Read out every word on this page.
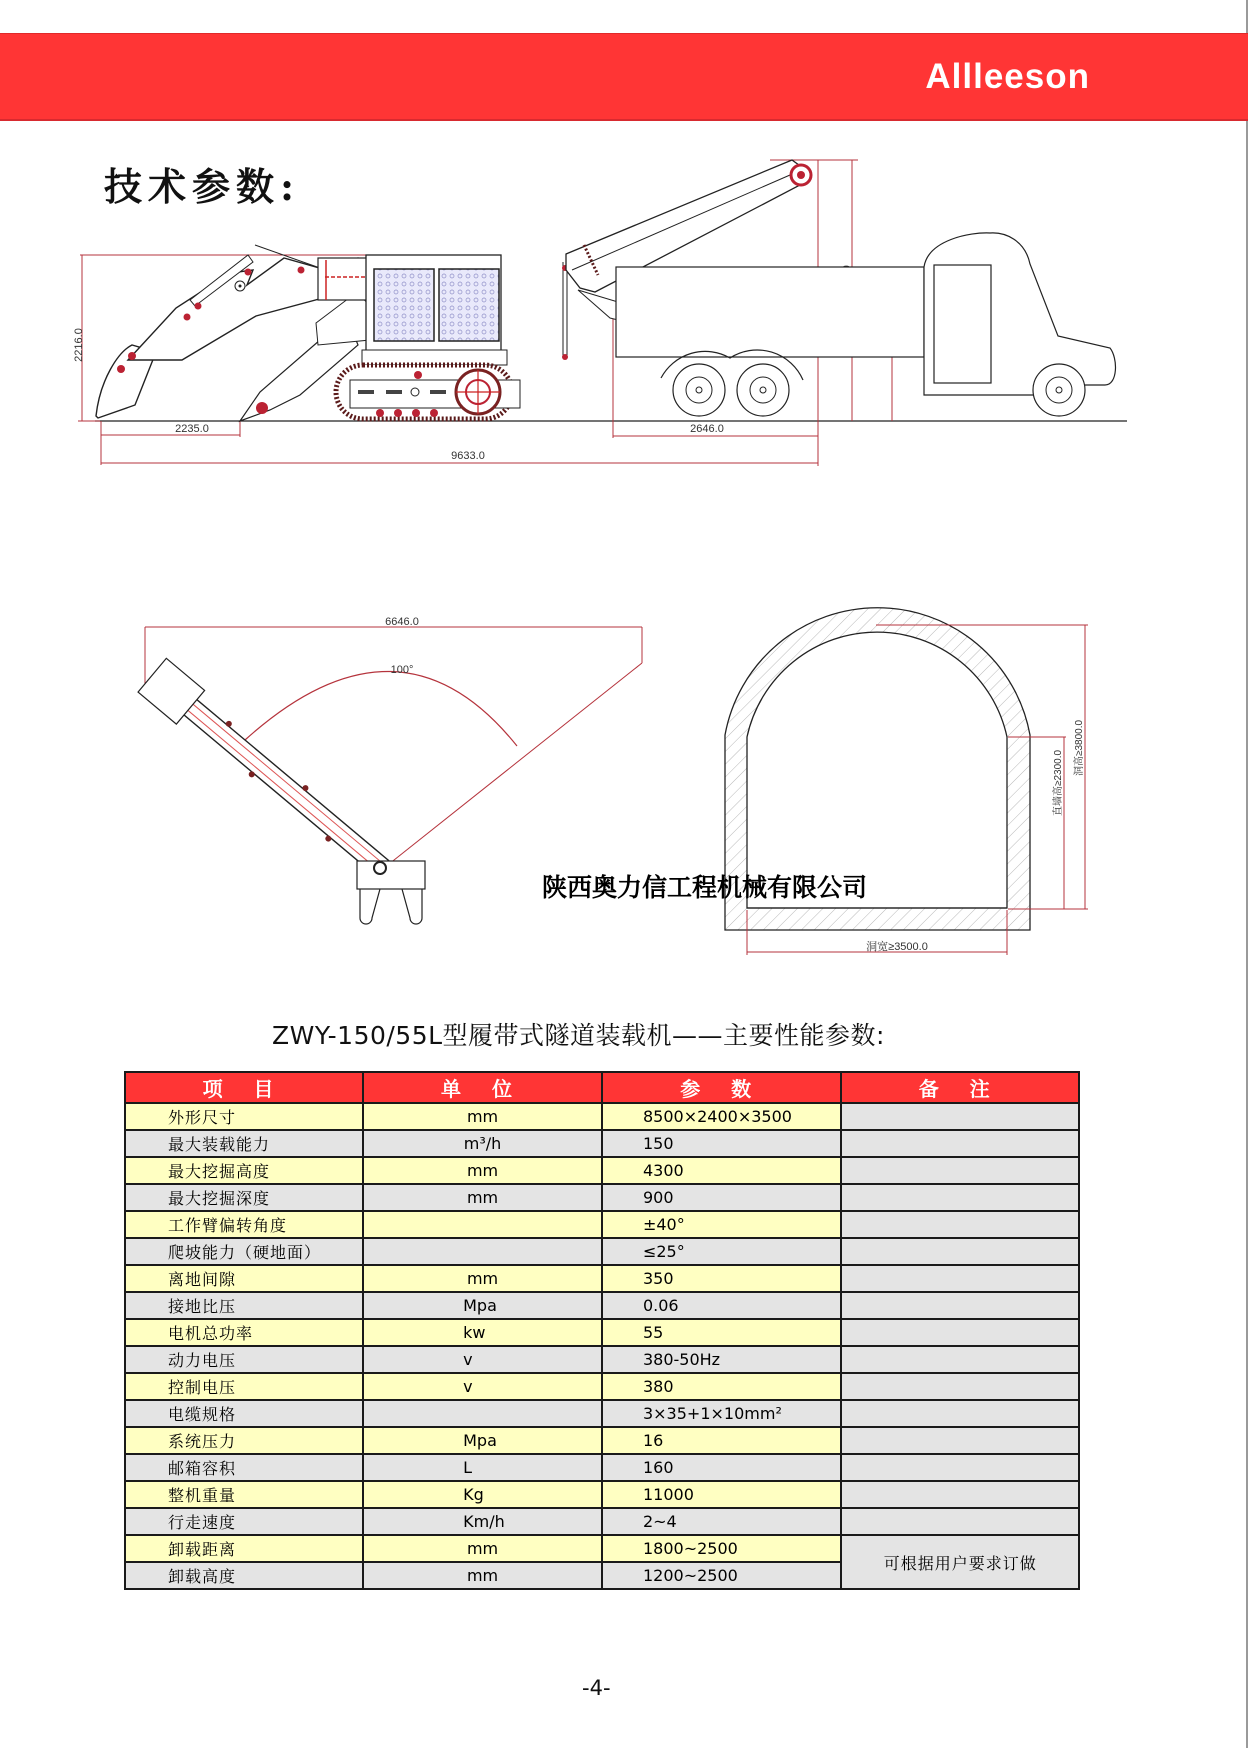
Allleeson
技术参数:
2216.0
2235.0
9633.0
2646.0
6646.0
100°
洞高≥3800.0
直墙高≥2300.0
洞宽≥3500.0
陕西奥力信工程机械有限公司
ZWY-150/55L型履带式隧道装载机——主要性能参数:
项 目	单 位	参 数	备 注
外形尺寸	mm	8500×2400×3500	
最大装载能力	m³/h	150	
最大挖掘高度	mm	4300	
最大挖掘深度	mm	900	
工作臂偏转角度		±40°	
爬坡能力（硬地面）		≤25°	
离地间隙	mm	350	
接地比压	Mpa	0.06	
电机总功率	kw	55	
动力电压	v	380-50Hz	
控制电压	v	380	
电缆规格		3×35+1×10mm²	
系统压力	Mpa	16	
邮箱容积	L	160	
整机重量	Kg	11000	
行走速度	Km/h	2~4	
卸载距离	mm	1800~2500	可根据用户要求订做
卸载高度	mm	1200~2500	
-4-
